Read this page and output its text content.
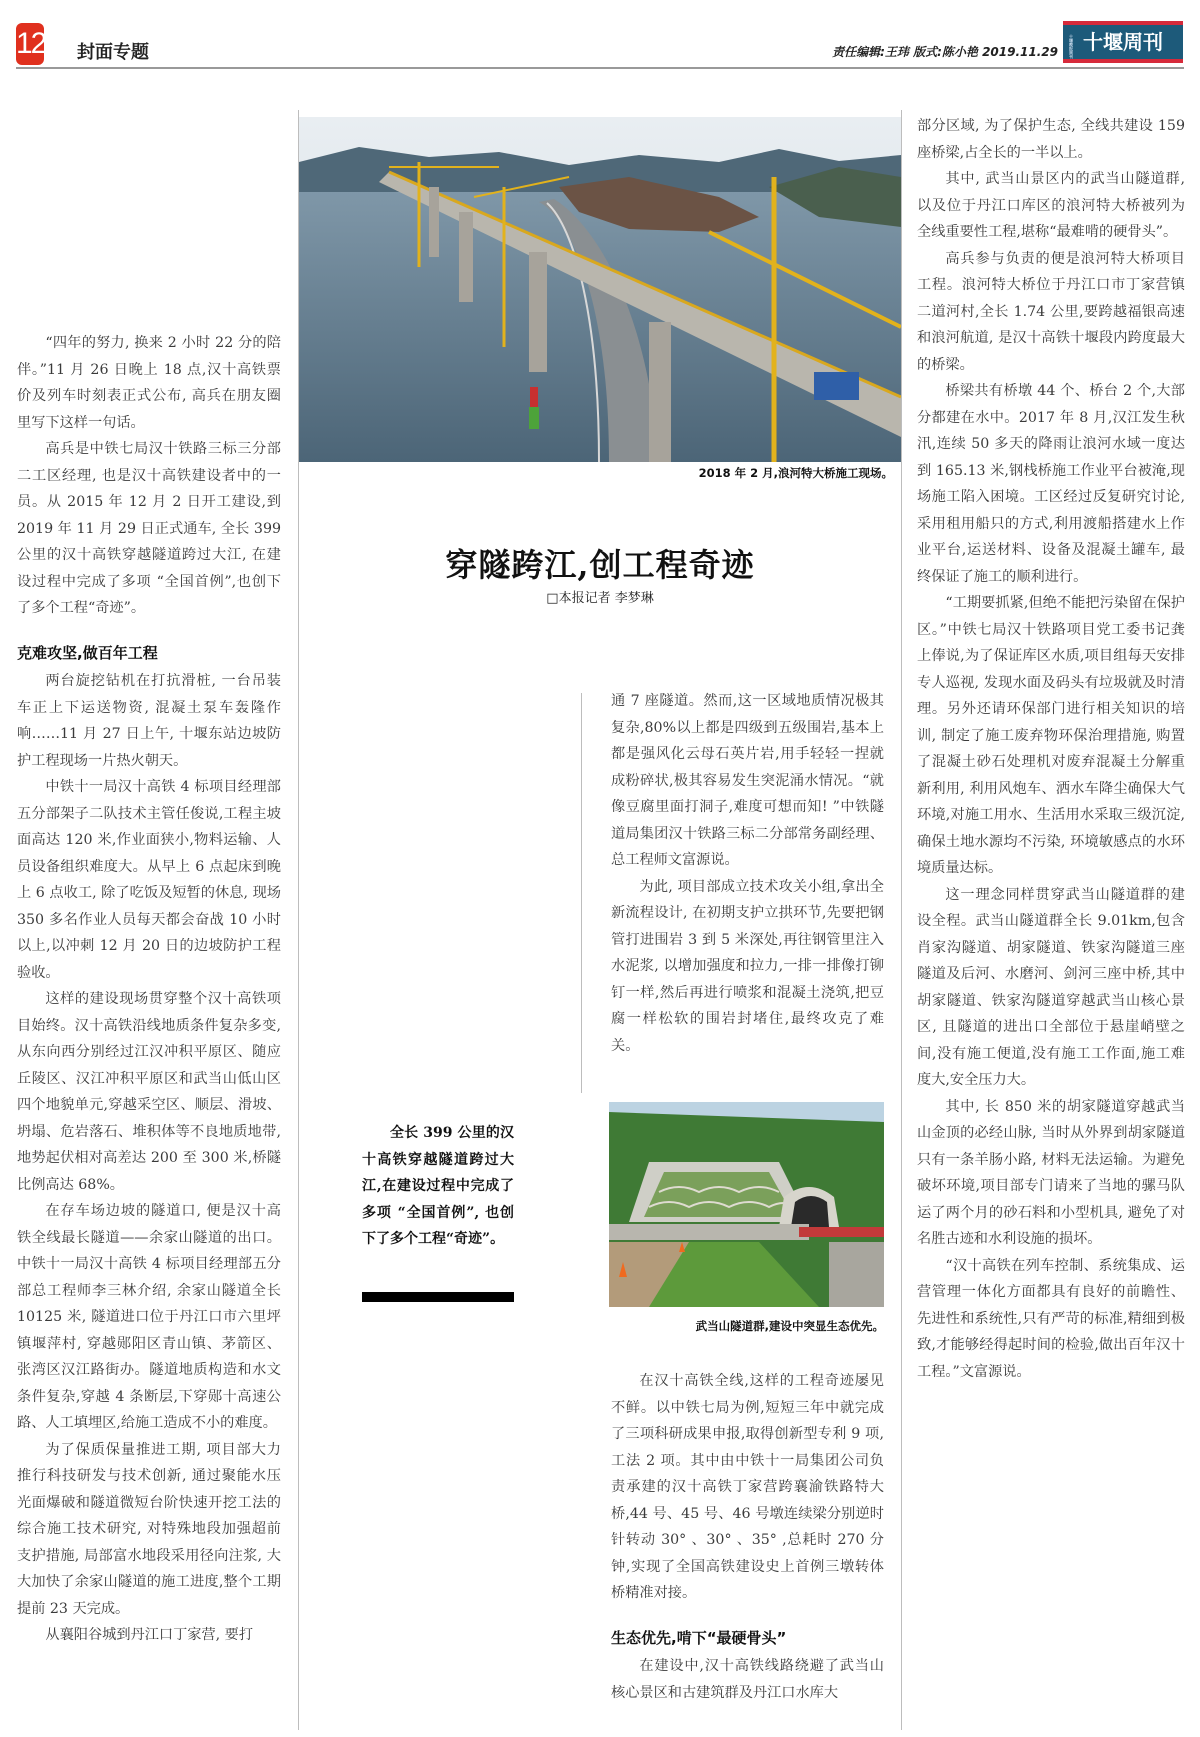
12 封面专题	责任编辑:王玮 版式:陈小艳 2019.11.29
十堰晚报周刊
十堰周刊

“四年的努力, 换来 2 小时 22 分的陪伴。”11 月 26 日晚上 18 点,汉十高铁票价及列车时刻表正式公布, 高兵在朋友圈里写下这样一句话。

高兵是中铁七局汉十铁路三标三分部二工区经理, 也是汉十高铁建设者中的一员。从 2015 年 12 月 2 日开工建设,到 2019 年 11 月 29 日正式通车, 全长 399 公里的汉十高铁穿越隧道跨过大江, 在建设过程中完成了多项 “全国首例”,也创下了多个工程“奇迹”。

克难攻坚,做百年工程

两台旋挖钻机在打抗滑桩, 一台吊装车正上下运送物资, 混凝土泵车轰隆作响……11 月 27 日上午, 十堰东站边坡防护工程现场一片热火朝天。

中铁十一局汉十高铁 4 标项目经理部五分部架子二队技术主管任俊说,工程主坡面高达 120 米,作业面狭小,物料运输、人员设备组织难度大。从早上 6 点起床到晚上 6 点收工, 除了吃饭及短暂的休息, 现场 350 多名作业人员每天都会奋战 10 小时以上,以冲刺 12 月 20 日的边坡防护工程验收。

这样的建设现场贯穿整个汉十高铁项目始终。汉十高铁沿线地质条件复杂多变, 从东向西分别经过江汉冲积平原区、随应丘陵区、汉江冲积平原区和武当山低山区四个地貌单元,穿越采空区、顺层、滑坡、坍塌、危岩落石、堆积体等不良地质地带, 地势起伏相对高差达 200 至 300 米,桥隧比例高达 68%。

在存车场边坡的隧道口, 便是汉十高铁全线最长隧道——余家山隧道的出口。中铁十一局汉十高铁 4 标项目经理部五分部总工程师李三林介绍, 余家山隧道全长 10125 米, 隧道进口位于丹江口市六里坪镇堰萍村, 穿越郧阳区青山镇、茅箭区、张湾区汉江路街办。隧道地质构造和水文条件复杂,穿越 4 条断层,下穿郧十高速公路、人工填埋区,给施工造成不小的难度。

为了保质保量推进工期, 项目部大力推行科技研发与技术创新, 通过聚能水压光面爆破和隧道微短台阶快速开挖工法的综合施工技术研究, 对特殊地段加强超前支护措施, 局部富水地段采用径向注浆, 大大加快了余家山隧道的施工进度,整个工期提前 23 天完成。

从襄阳谷城到丹江口丁家营, 要打

2018 年 2 月,浪河特大桥施工现场。
穿隧跨江,创工程奇迹
□本报记者 李梦琳

全长 399 公里的汉十高铁穿越隧道跨过大江,在建设过程中完成了多项 “全国首例”, 也创下了多个工程“奇迹”。

通 7 座隧道。然而,这一区域地质情况极其复杂,80%以上都是四级到五级围岩,基本上都是强风化云母石英片岩,用手轻轻一捏就成粉碎状,极其容易发生突泥涌水情况。“就像豆腐里面打洞子,难度可想而知! ”中铁隧道局集团汉十铁路三标二分部常务副经理、总工程师文富源说。

为此, 项目部成立技术攻关小组,拿出全新流程设计, 在初期支护立拱环节,先要把钢管打进围岩 3 到 5 米深处,再往钢管里注入水泥浆, 以增加强度和拉力,一排一排像打铆钉一样,然后再进行喷浆和混凝土浇筑,把豆腐一样松软的围岩封堵住,最终攻克了难关。

武当山隧道群,建设中突显生态优先。

在汉十高铁全线,这样的工程奇迹屡见不鲜。以中铁七局为例,短短三年中就完成了三项科研成果申报,取得创新型专利 9 项,工法 2 项。其中由中铁十一局集团公司负责承建的汉十高铁丁家营跨襄渝铁路特大桥,44 号、45 号、46 号墩连续梁分别逆时针转动 30° 、30° 、35° ,总耗时 270 分钟,实现了全国高铁建设史上首例三墩转体桥精准对接。

生态优先,啃下“最硬骨头”

在建设中,汉十高铁线路绕避了武当山核心景区和古建筑群及丹江口水库大

部分区域, 为了保护生态, 全线共建设 159 座桥梁,占全长的一半以上。

其中, 武当山景区内的武当山隧道群, 以及位于丹江口库区的浪河特大桥被列为全线重要性工程,堪称“最难啃的硬骨头”。

高兵参与负责的便是浪河特大桥项目工程。浪河特大桥位于丹江口市丁家营镇二道河村,全长 1.74 公里,要跨越福银高速和浪河航道, 是汉十高铁十堰段内跨度最大的桥梁。

桥梁共有桥墩 44 个、桥台 2 个,大部分都建在水中。2017 年 8 月,汉江发生秋汛,连续 50 多天的降雨让浪河水域一度达到 165.13 米,钢栈桥施工作业平台被淹,现场施工陷入困境。工区经过反复研究讨论,采用租用船只的方式,利用渡船搭建水上作业平台,运送材料、设备及混凝土罐车, 最终保证了施工的顺利进行。

“工期要抓紧,但绝不能把污染留在保护区。”中铁七局汉十铁路项目党工委书记龚上俸说,为了保证库区水质,项目组每天安排专人巡视, 发现水面及码头有垃圾就及时清理。另外还请环保部门进行相关知识的培训, 制定了施工废弃物环保治理措施, 购置了混凝土砂石处理机对废弃混凝土分解重新利用, 利用风炮车、洒水车降尘确保大气环境,对施工用水、生活用水采取三级沉淀,确保土地水源均不污染, 环境敏感点的水环境质量达标。

这一理念同样贯穿武当山隧道群的建设全程。武当山隧道群全长 9.01km,包含肖家沟隧道、胡家隧道、铁家沟隧道三座隧道及后河、水磨河、剑河三座中桥,其中胡家隧道、铁家沟隧道穿越武当山核心景区, 且隧道的进出口全部位于悬崖峭壁之间,没有施工便道,没有施工工作面,施工难度大,安全压力大。

其中, 长 850 米的胡家隧道穿越武当山金顶的必经山脉, 当时从外界到胡家隧道只有一条羊肠小路, 材料无法运输。为避免破坏环境,项目部专门请来了当地的骡马队运了两个月的砂石料和小型机具, 避免了对名胜古迹和水利设施的损坏。

“汉十高铁在列车控制、系统集成、运营管理一体化方面都具有良好的前瞻性、先进性和系统性,只有严苛的标准,精细到极致,才能够经得起时间的检验,做出百年汉十工程。”文富源说。
